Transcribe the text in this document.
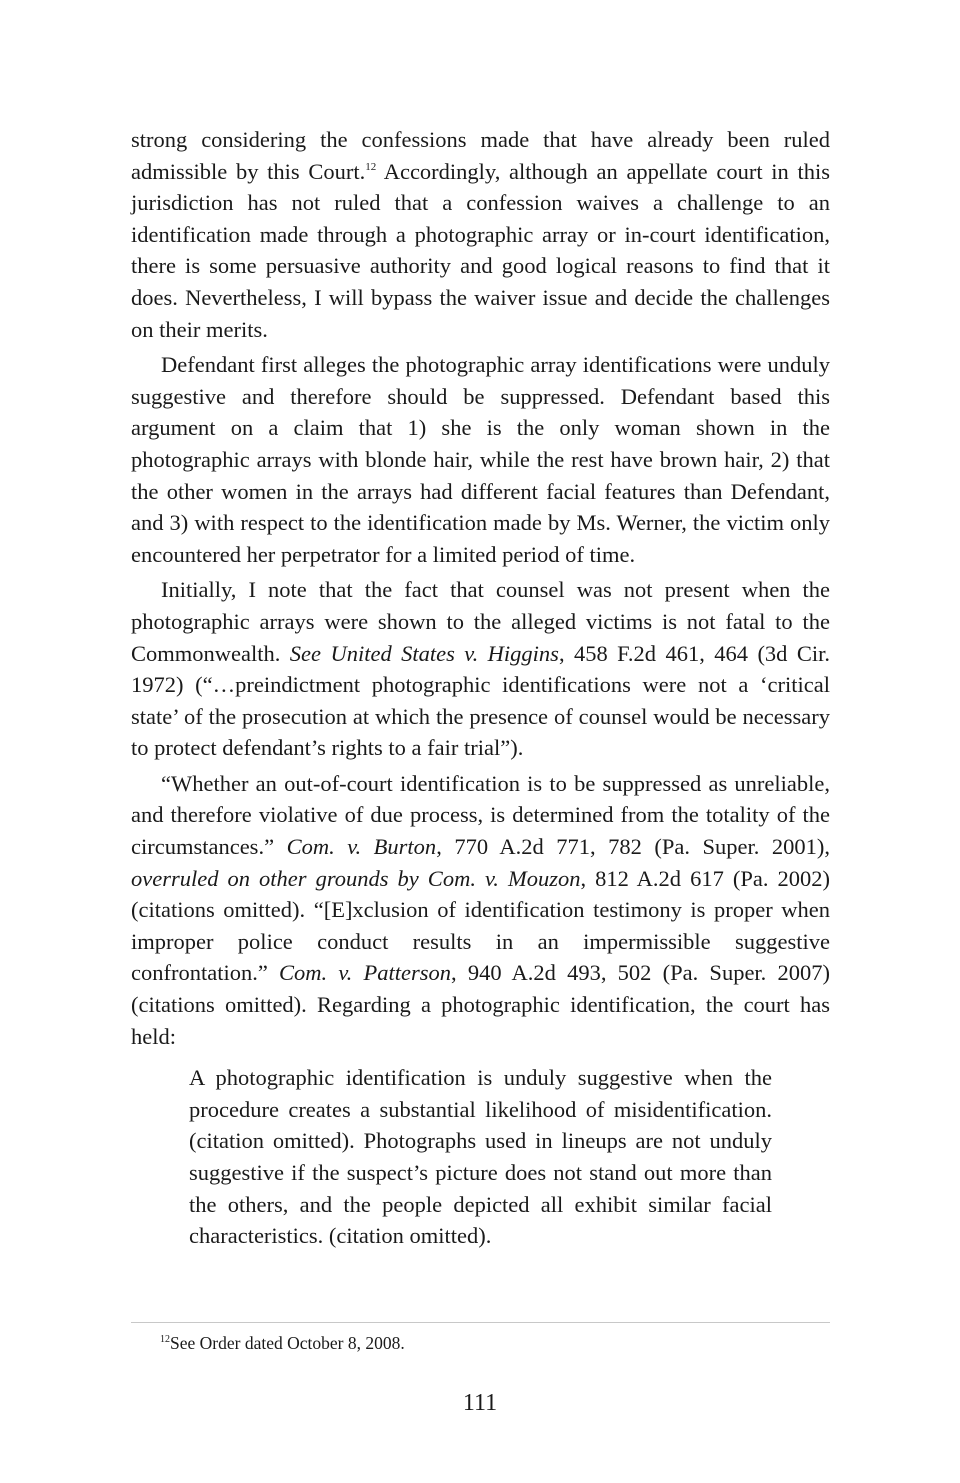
strong considering the confessions made that have already been ruled admissible by this Court.$^{12}$ Accordingly, although an appellate court in this jurisdiction has not ruled that a confession waives a challenge to an identification made through a photographic array or in-court identification, there is some persuasive authority and good logical reasons to find that it does. Nevertheless, I will bypass the waiver issue and decide the challenges on their merits.

Defendant first alleges the photographic array identifications were unduly suggestive and therefore should be suppressed. Defendant based this argument on a claim that 1) she is the only woman shown in the photographic arrays with blonde hair, while the rest have brown hair, 2) that the other women in the arrays had different facial features than Defendant, and 3) with respect to the identification made by Ms. Werner, the victim only encountered her perpetrator for a limited period of time.

Initially, I note that the fact that counsel was not present when the photographic arrays were shown to the alleged victims is not fatal to the Commonwealth. See United States v. Higgins, 458 F.2d 461, 464 (3d Cir. 1972) (“…preindictment photographic identifications were not a ‘critical state’ of the prosecution at which the presence of counsel would be necessary to protect defendant’s rights to a fair trial”).

“Whether an out-of-court identification is to be suppressed as unreliable, and therefore violative of due process, is determined from the totality of the circumstances.” Com. v. Burton, 770 A.2d 771, 782 (Pa. Super. 2001), overruled on other grounds by Com. v. Mouzon, 812 A.2d 617 (Pa. 2002) (citations omitted). “[E]xclusion of identification testimony is proper when improper police conduct results in an impermissible suggestive confrontation.” Com. v. Patterson, 940 A.2d 493, 502 (Pa. Super. 2007) (citations omitted). Regarding a photographic identification, the court has held:

A photographic identification is unduly suggestive when the procedure creates a substantial likelihood of misidentification. (citation omitted). Photographs used in lineups are not unduly suggestive if the suspect’s picture does not stand out more than the others, and the people depicted all exhibit similar facial characteristics. (citation omitted).

$^{12}$See Order dated October 8, 2008.
111
